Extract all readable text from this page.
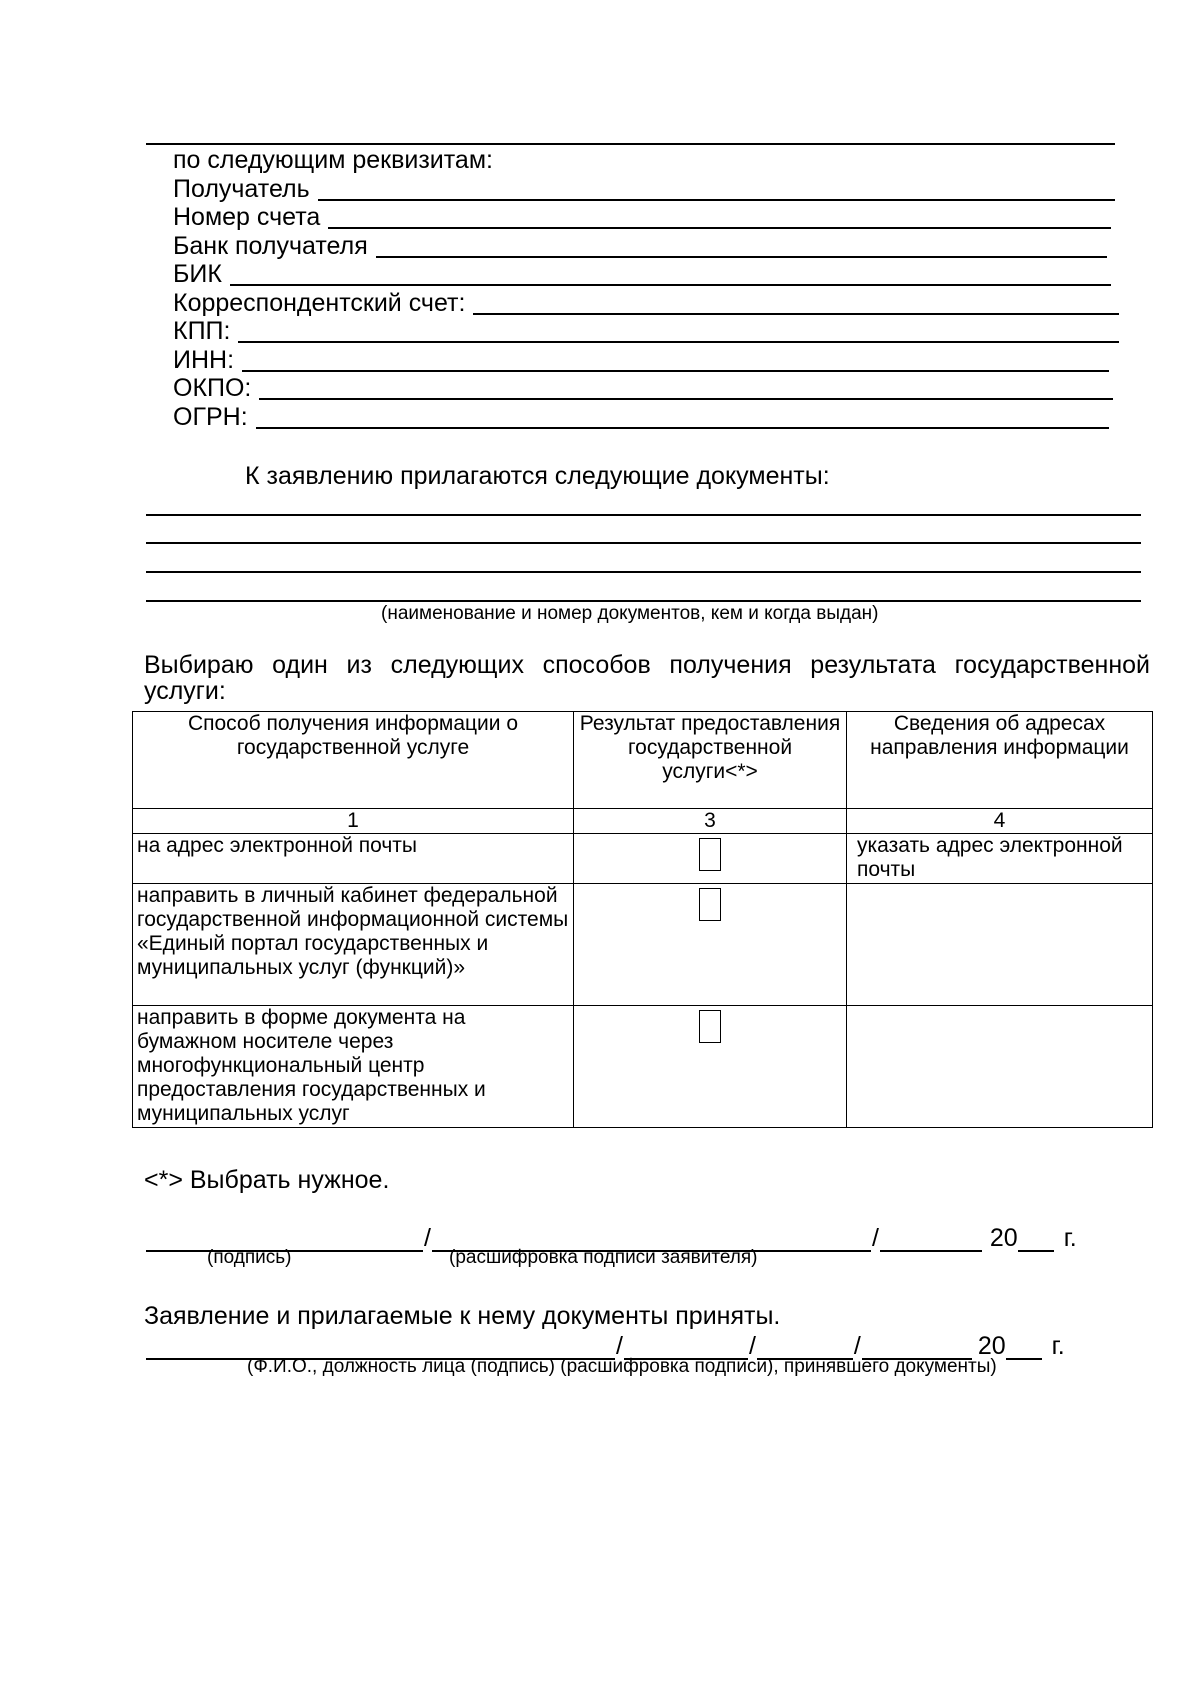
по следующим реквизитам:
Получатель
Номер счета
Банк получателя
БИК
Корреспондентский счет:
КПП:
ИНН:
ОКПО:
ОГРН:
К заявлению прилагаются следующие документы:
(наименование и номер документов, кем и когда выдан)
Выбираю один из следующих способов получения результата государственной услуги:
Способ получения информации о государственной услуге	Результат предоставления государственной услуги<*>	Сведения об адресах направления информации
1	3	4
на адрес электронной почты		указать адрес электронной почты
направить в личный кабинет федеральной государственной информационной системы «Единый портал государственных и муниципальных услуг (функций)»		
направить в форме документа на бумажном носителе через многофункциональный центр предоставления государственных и муниципальных услуг		
<*> Выбрать нужное.
/	/	20	г.
(подпись)	(расшифровка подписи заявителя)
Заявление и прилагаемые к нему документы приняты.
/	/	/	20	г.
(Ф.И.О., должность лица (подпись) (расшифровка подписи), принявшего документы)
